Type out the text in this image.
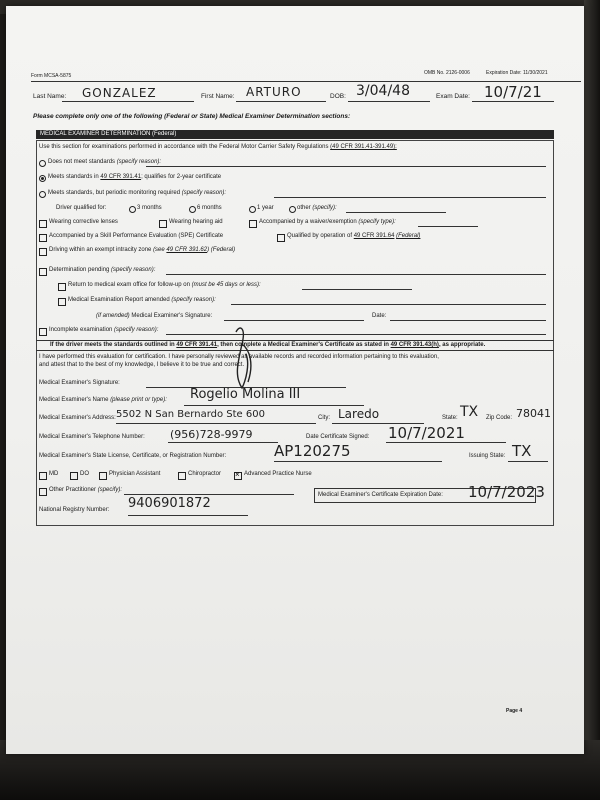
Form MCSA-5875	OMB No. 2126-0006	Expiration Date: 11/30/2021
Last Name: GONZALEZ	First Name: ARTURO	DOB: 3/04/48	Exam Date: 10/7/21
Please complete only one of the following (Federal or State) Medical Examiner Determination sections:
MEDICAL EXAMINER DETERMINATION (Federal)
Use this section for examinations performed in accordance with the Federal Motor Carrier Safety Regulations (49 CFR 391.41-391.49):
Does not meet standards (specify reason):
Meets standards in 49 CFR 391.41; qualifies for 2-year certificate
Meets standards, but periodic monitoring required (specify reason):
Driver qualified for:	3 months	6 months	1 year	other (specify):
Wearing corrective lenses	Wearing hearing aid	Accompanied by a waiver/exemption (specify type):
Accompanied by a Skill Performance Evaluation (SPE) Certificate	Qualified by operation of 49 CFR 391.64 (Federal)
Driving within an exempt intracity zone (see 49 CFR 391.62) (Federal)
Determination pending (specify reason):
Return to medical exam office for follow-up on (must be 45 days or less):
Medical Examination Report amended (specify reason):
(if amended) Medical Examiner's Signature:	Date:
Incomplete examination (specify reason):
If the driver meets the standards outlined in 49 CFR 391.41, then complete a Medical Examiner's Certificate as stated in 49 CFR 391.43(h), as appropriate.
I have performed this evaluation for certification. I have personally reviewed all available records and recorded information pertaining to this evaluation,
and attest that to the best of my knowledge, I believe it to be true and correct.
Medical Examiner's Signature:
Medical Examiner's Name (please print or type): Rogelio Molina III
Medical Examiner's Address: 5502 N San Bernardo Ste 600	City: Laredo	State: TX Zip Code: 78041
Medical Examiner's Telephone Number: (956)728-9979	Date Certificate Signed: 10/7/2021
Medical Examiner's State License, Certificate, or Registration Number:	AP120275	Issuing State: TX
MD	DO	Physician Assistant	Chiropractor
×	Advanced Practice Nurse
Other Practitioner (specify):
National Registry Number: 9406901872
Medical Examiner's Certificate Expiration Date: 10/7/2023
Page 4
